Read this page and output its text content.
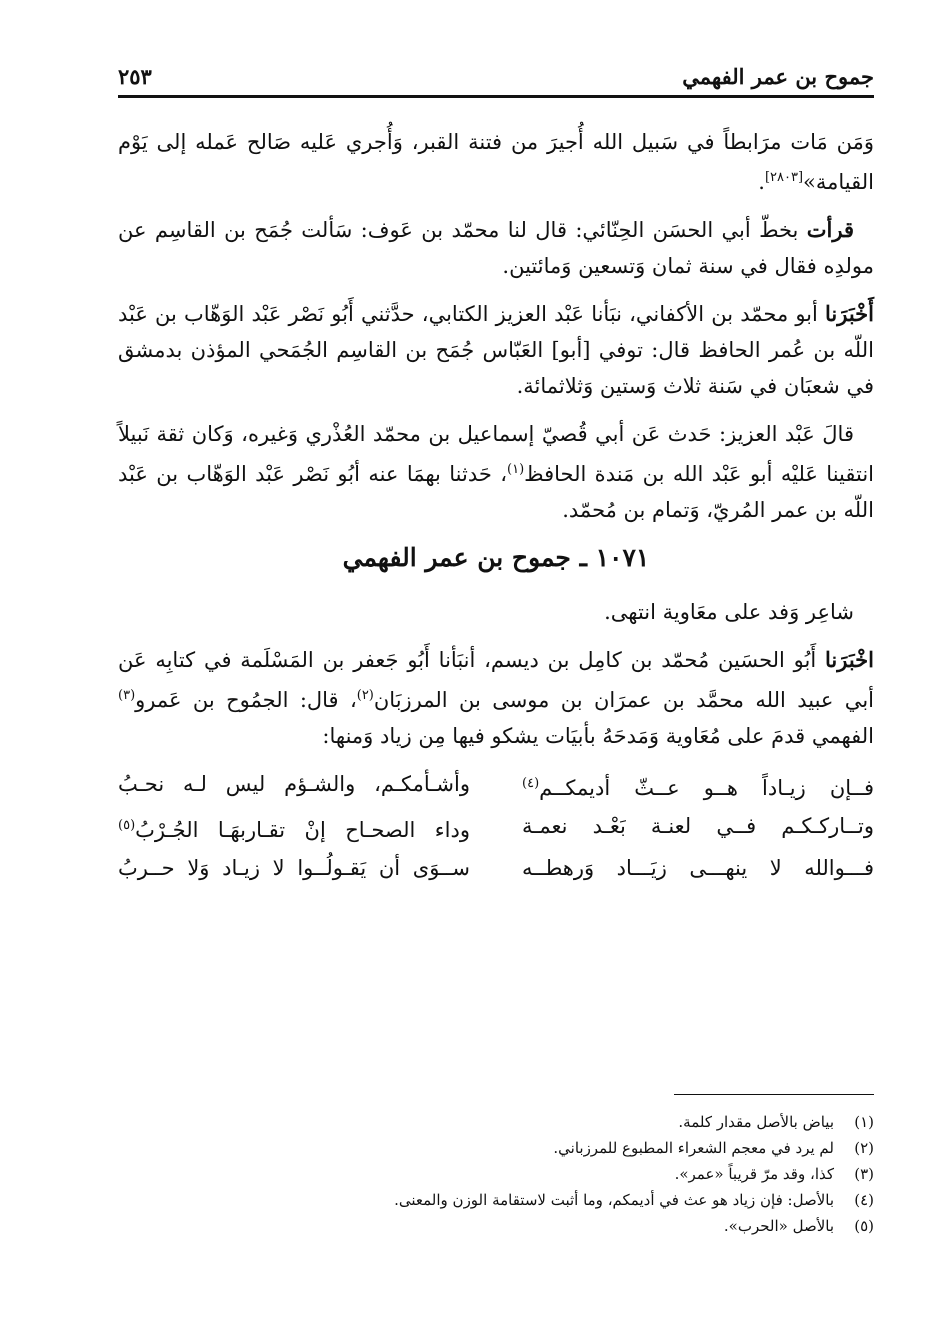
جموح بن عمر الفهمي
٢٥٣

وَمَن مَات مرَابطاً في سَبيل الله أُجيرَ من فتنة القبر، وَأُجري عَليه صَالح عَمله إلى يَوْم القيامة»[٢٨٠٣].

قرأت بخطّ أبي الحسَن الحِنّائي: قال لنا محمّد بن عَوف: سَألت جُمَح بن القاسِم عن مولدِه فقال في سنة ثمان وَتسعين وَمائتين.

أَخْبَرَنا أبو محمّد بن الأكفاني، نبَأنا عَبْد العزيز الكتابي، حدَّثني أَبُو نَصْر عَبْد الوَهّاب بن عَبْد اللّه بن عُمر الحافظ قال: توفي [أبو] العَبّاس جُمَح بن القاسِم الجُمَحي المؤذن بدمشق في شعبَان في سَنة ثلاث وَستين وَثلاثمائة.

قالَ عَبْد العزيز: حَدث عَن أبي قُصيّ إسماعيل بن محمّد العُذْري وَغيره، وَكان ثقة نَبيلاً انتقينا عَليْه أبو عَبْد الله بن مَندة الحافظ$^{(١)}$، حَدثنا بهمَا عنه أبُو نَصْر عَبْد الوَهّاب بن عَبْد اللّه بن عمر المُريّ، وَتمام بن مُحمّد.

١٠٧١ ـ جموح بن عمر الفهمي

شاعِر وَفد على معَاوية انتهى.

اخْبَرَنا أَبُو الحسَين مُحمّد بن كامِل بن ديسم، أنبَأنا أَبُو جَعفر بن المَسْلَمة في كتابِه عَن أبي عبيد الله محمَّد بن عمرَان بن موسى بن المرزبَان$^{(٢)}$، قال: الجمُوح بن عَمرو$^{(٣)}$ الفهمي قدمَ على مُعَاوية وَمَدحَهُ بأبيَات يشكو فيها مِن زياد وَمنها:

فــإن زيـاداً هــو عــثّ أديمكــم$^{(٤)}$
وأشـأمكـم، والشـؤم ليس لـه نحـبُ
وتــاركـكـم فــي لعنـة بَعْـد نعمـة
وداء الصحـاح إنْ تقـاربهَـا الجُـرْبُ$^{(٥)}$
فـــوالله لا ينهـــى زيَـــاد وَرهطــه
ســوَى أن يَقـولُــوا لا زيـاد وَلا حــربُ
(١)
بياض بالأصل مقدار كلمة.
(٢)
لم يرد في معجم الشعراء المطبوع للمرزباني.
(٣)
كذا، وقد مرّ قريباً «عمر».
(٤)
بالأصل: فإن زياد هو عث في أديمكم، وما أثبت لاستقامة الوزن والمعنى.
(٥)
بالأصل «الحرب».
